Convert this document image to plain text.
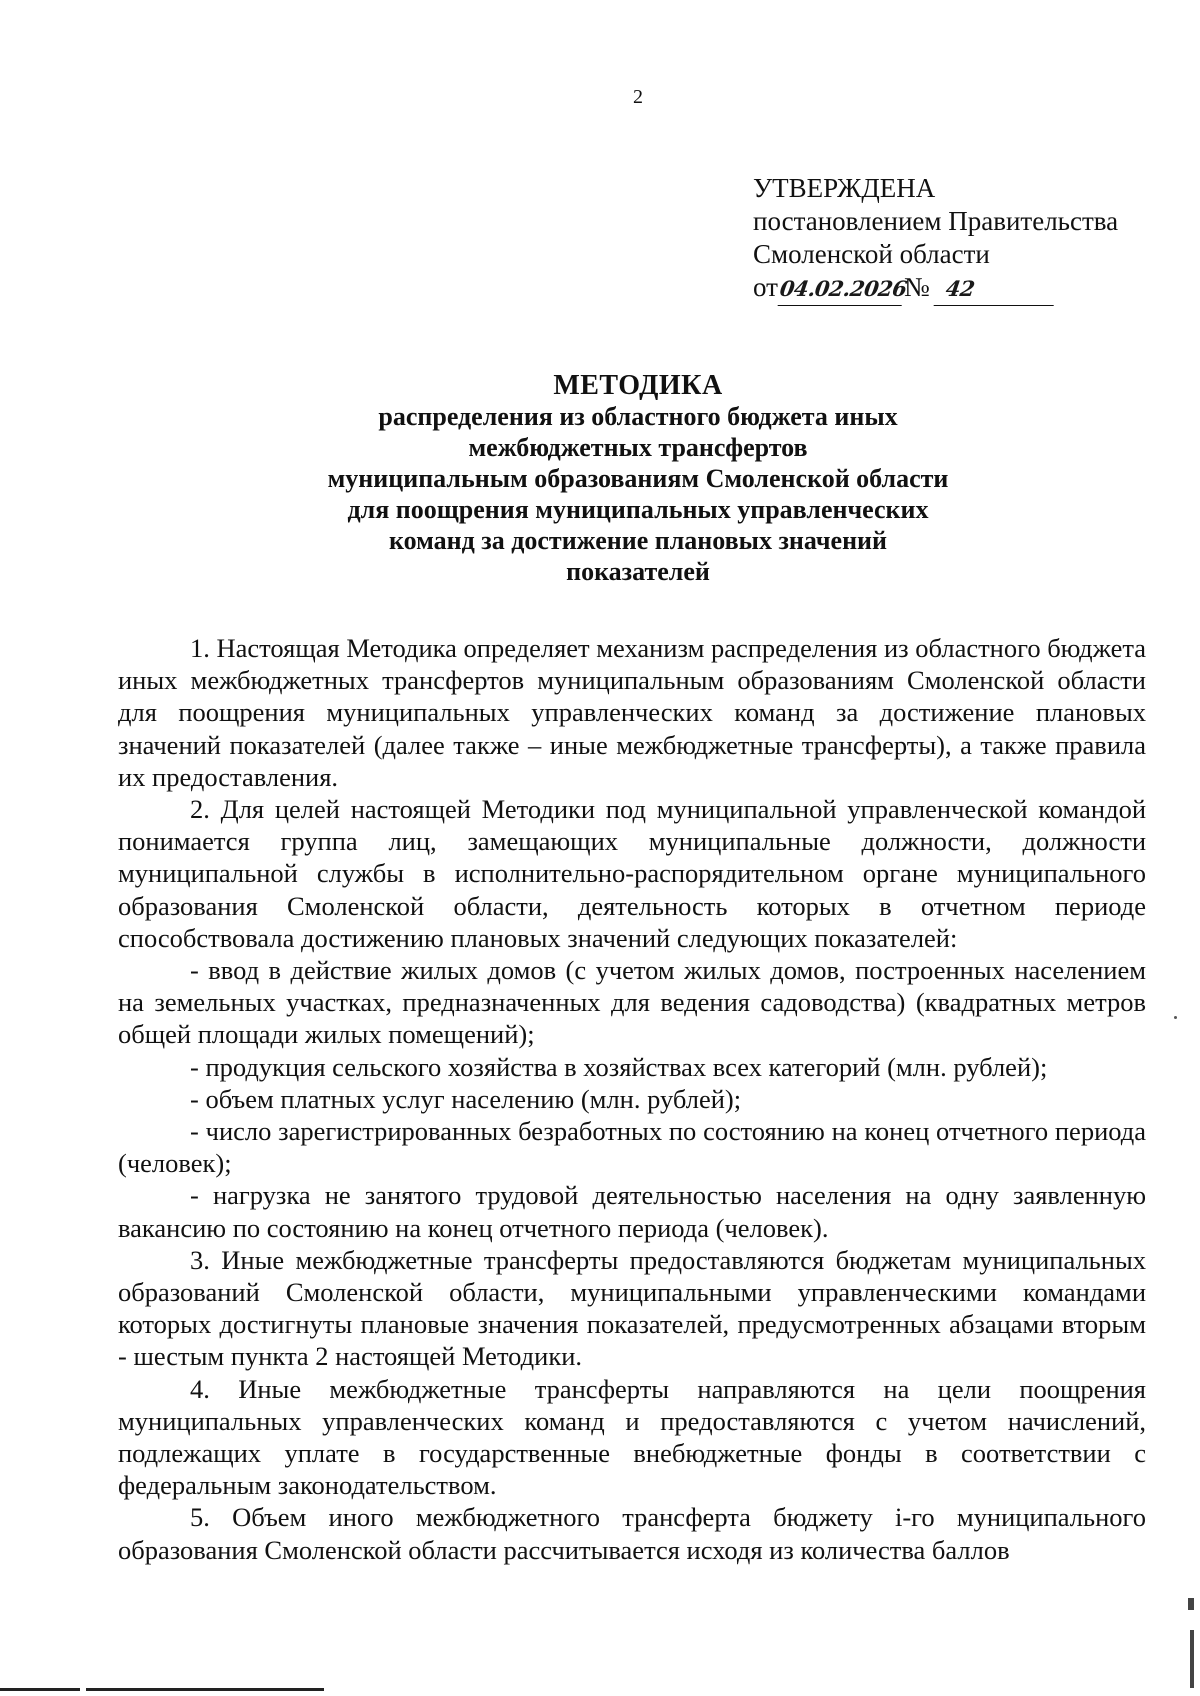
2
УТВЕРЖДЕНА
постановлением Правительства
Смоленской области
от04.02.2026№ 42
МЕТОДИКА
распределения из областного бюджета иных
межбюджетных трансфертов
муниципальным образованиям Смоленской области
для поощрения муниципальных управленческих
команд за достижение плановых значений
показателей

1. Настоящая Методика определяет механизм распределения из областного бюджета иных межбюджетных трансфертов муниципальным образованиям Смоленской области для поощрения муниципальных управленческих команд за достижение плановых значений показателей (далее также – иные межбюджетные трансферты), а также правила их предоставления.

2. Для целей настоящей Методики под муниципальной управленческой командой понимается группа лиц, замещающих муниципальные должности, должности муниципальной службы в исполнительно-распорядительном органе муниципального образования Смоленской области, деятельность которых в отчетном периоде способствовала достижению плановых значений следующих показателей:

- ввод в действие жилых домов (с учетом жилых домов, построенных населением на земельных участках, предназначенных для ведения садоводства) (квадратных метров общей площади жилых помещений);

- продукция сельского хозяйства в хозяйствах всех категорий (млн. рублей);

- объем платных услуг населению (млн. рублей);

- число зарегистрированных безработных по состоянию на конец отчетного периода (человек);

- нагрузка не занятого трудовой деятельностью населения на одну заявленную вакансию по состоянию на конец отчетного периода (человек).

3. Иные межбюджетные трансферты предоставляются бюджетам муниципальных образований Смоленской области, муниципальными управленческими командами которых достигнуты плановые значения показателей, предусмотренных абзацами вторым - шестым пункта 2 настоящей Методики.

4. Иные межбюджетные трансферты направляются на цели поощрения муниципальных управленческих команд и предоставляются с учетом начислений, подлежащих уплате в государственные внебюджетные фонды в соответствии с федеральным законодательством.

5. Объем иного межбюджетного трансферта бюджету i-го муниципального образования Смоленской области рассчитывается исходя из количества баллов
